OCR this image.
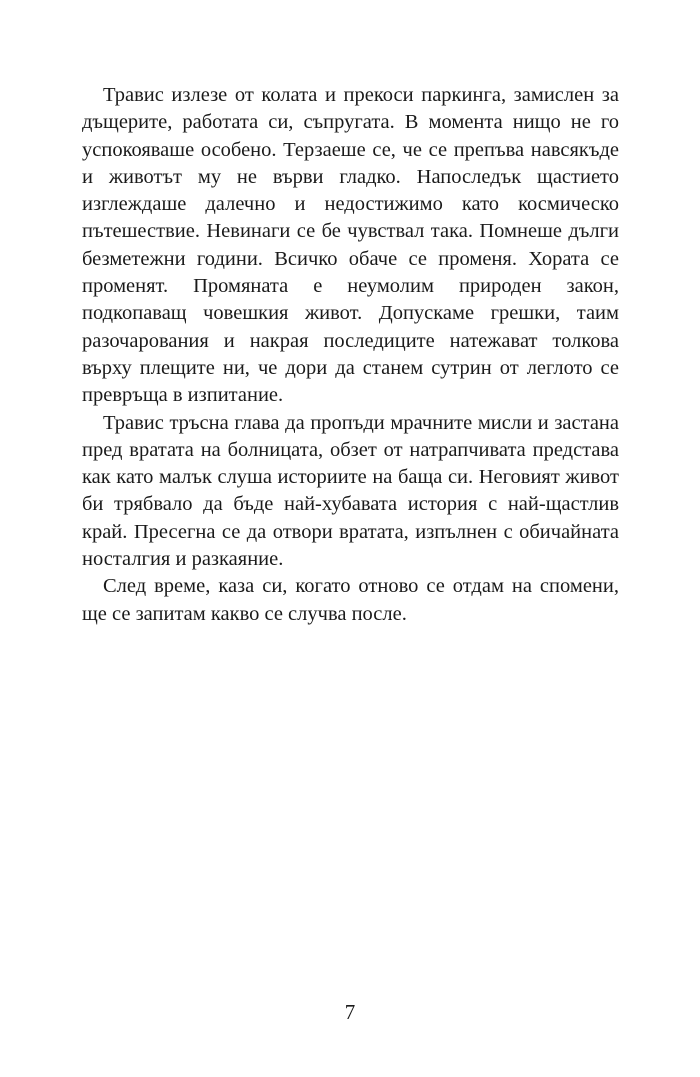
Травис излезе от колата и прекоси паркинга, замислен за дъщерите, работата си, съпругата. В момента нищо не го успокояваше особено. Терзаеше се, че се препъва навсякъде и животът му не върви гладко. Напоследък щастието изглеждаше далечно и недостижимо като космическо пътешествие. Невинаги се бе чувствал така. Помнеше дълги безметежни години. Всичко обаче се променя. Хората се променят. Промяната е неумолим природен закон, подкопаващ човешкия живот. Допускаме грешки, таим разочарования и накрая последиците натежават толкова върху плещите ни, че дори да станем сутрин от леглото се превръща в изпитание.

Травис тръсна глава да пропъди мрачните мисли и застана пред вратата на болницата, обзет от натрапчивата представа как като малък слуша историите на баща си. Неговият живот би трябвало да бъде най-хубавата история с най-щастлив край. Пресегна се да отвори вратата, изпълнен с обичайната носталгия и разкаяние.

След време, каза си, когато отново се отдам на спомени, ще се запитам какво се случва после.

7
